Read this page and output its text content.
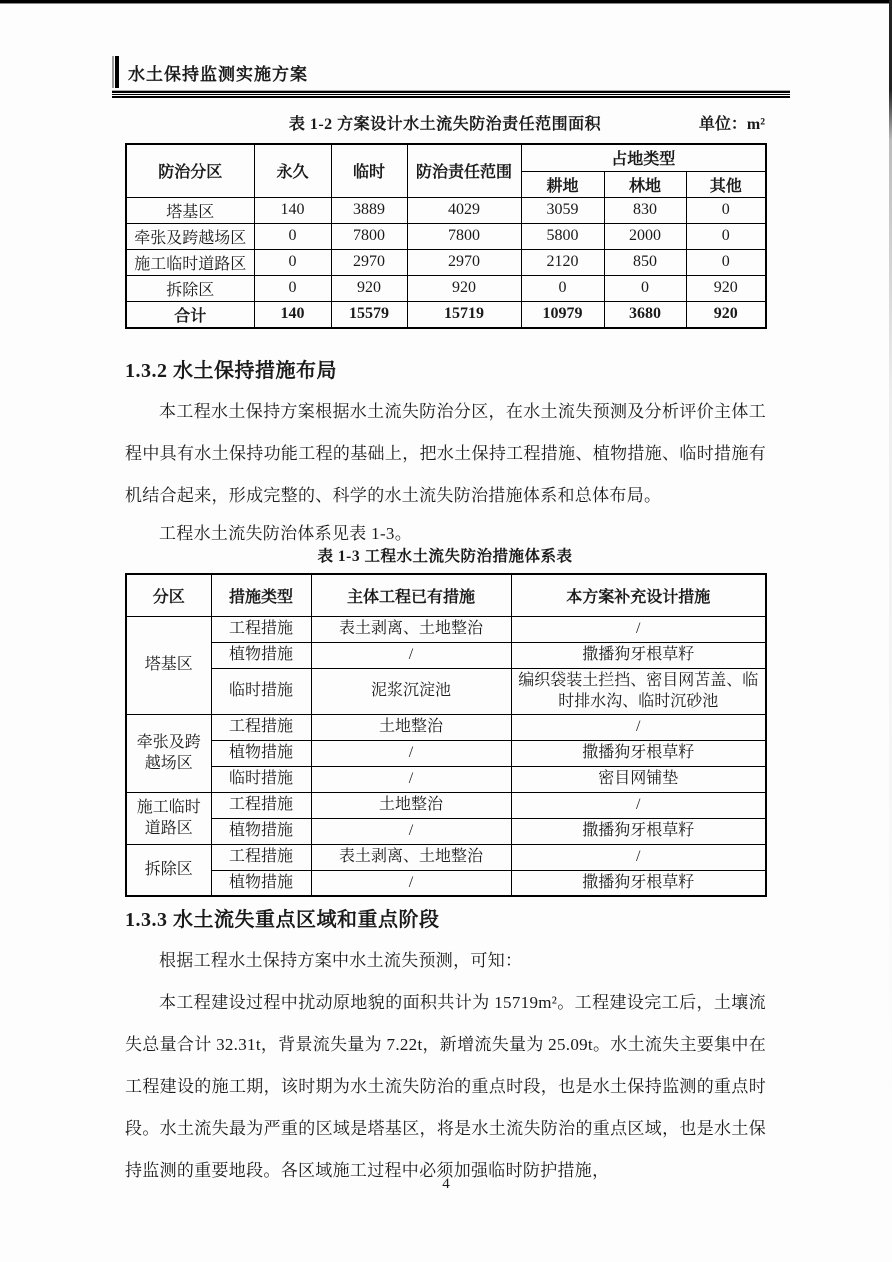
水土保持监测实施方案
表 1-2 方案设计水土流失防治责任范围面积	单位：m²
防治分区	永久	临时	防治责任范围	占地类型		
				耕地	林地	其他
塔基区	140	3889	4029	3059	830	0
牵张及跨越场区	0	7800	7800	5800	2000	0
施工临时道路区	0	2970	2970	2120	850	0
拆除区	0	920	920	0	0	920
合计	140	15579	15719	10979	3680	920
1.3.2 水土保持措施布局
本工程水土保持方案根据水土流失防治分区，在水土流失预测及分析评价主体工程中具有水土保持功能工程的基础上，把水土保持工程措施、植物措施、临时措施有机结合起来，形成完整的、科学的水土流失防治措施体系和总体布局。
工程水土流失防治体系见表 1-3。
表 1-3 工程水土流失防治措施体系表
分区	措施类型	主体工程已有措施	本方案补充设计措施
塔基区	工程措施	表土剥离、土地整治	/
	植物措施	/	撒播狗牙根草籽
	临时措施	泥浆沉淀池	编织袋装土拦挡、密目网苫盖、临时排水沟、临时沉砂池
牵张及跨越场区	工程措施	土地整治	/
	植物措施	/	撒播狗牙根草籽
	临时措施	/	密目网铺垫
施工临时道路区	工程措施	土地整治	/
	植物措施	/	撒播狗牙根草籽
拆除区	工程措施	表土剥离、土地整治	/
	植物措施	/	撒播狗牙根草籽
1.3.3 水土流失重点区域和重点阶段
根据工程水土保持方案中水土流失预测，可知：
本工程建设过程中扰动原地貌的面积共计为 15719m²。工程建设完工后，土壤流失总量合计 32.31t，背景流失量为 7.22t，新增流失量为 25.09t。水土流失主要集中在工程建设的施工期，该时期为水土流失防治的重点时段，也是水土保持监测的重点时段。水土流失最为严重的区域是塔基区，将是水土流失防治的重点区域，也是水土保持监测的重要地段。各区域施工过程中必须加强临时防护措施，
4
